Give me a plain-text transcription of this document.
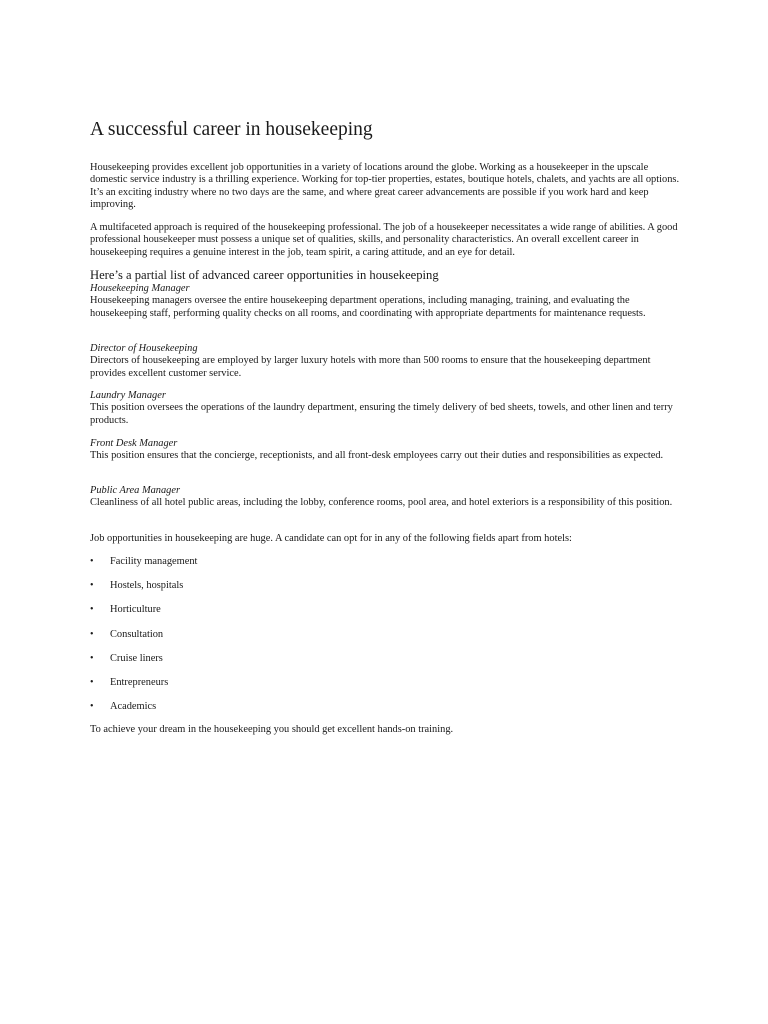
A successful career in housekeeping

Housekeeping provides excellent job opportunities in a variety of locations around the globe. Working as a housekeeper in the upscale domestic service industry is a thrilling experience. Working for top-tier properties, estates, boutique hotels, chalets, and yachts are all options. It’s an exciting industry where no two days are the same, and where great career advancements are possible if you work hard and keep improving.

A multifaceted approach is required of the housekeeping professional. The job of a housekeeper necessitates a wide range of abilities. A good professional housekeeper must possess a unique set of qualities, skills, and personality characteristics. An overall excellent career in housekeeping requires a genuine interest in the job, team spirit, a caring attitude, and an eye for detail.

Here’s a partial list of advanced career opportunities in housekeeping

Housekeeping Manager

Housekeeping managers oversee the entire housekeeping department operations, including managing, training, and evaluating the housekeeping staff, performing quality checks on all rooms, and coordinating with appropriate departments for maintenance requests.

Director of Housekeeping

Directors of housekeeping are employed by larger luxury hotels with more than 500 rooms to ensure that the housekeeping department provides excellent customer service.

Laundry Manager

This position oversees the operations of the laundry department, ensuring the timely delivery of bed sheets, towels, and other linen and terry products.

Front Desk Manager

This position ensures that the concierge, receptionists, and all front-desk employees carry out their duties and responsibilities as expected.

Public Area Manager

Cleanliness of all hotel public areas, including the lobby, conference rooms, pool area, and hotel exteriors is a responsibility of this position.

Job opportunities in housekeeping are huge. A candidate can opt for in any of the following fields apart from hotels:

•	Facility management
•	Hostels, hospitals
•	Horticulture
•	Consultation
•	Cruise liners
•	Entrepreneurs
•	Academics

To achieve your dream in the housekeeping you should get excellent hands-on training.
